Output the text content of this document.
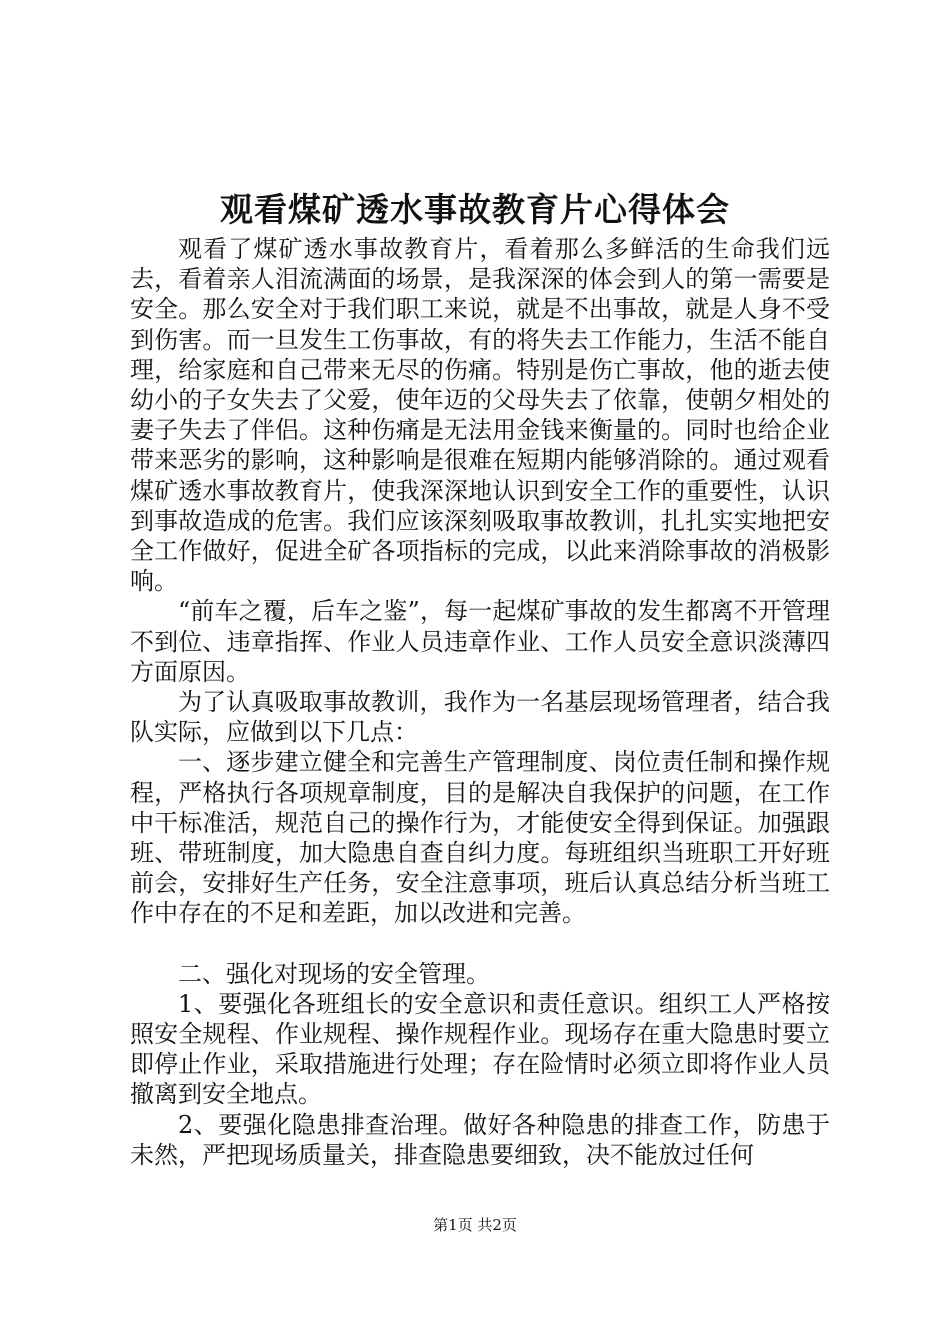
观看煤矿透水事故教育片心得体会

观看了煤矿透水事故教育片，看着那么多鲜活的生命我们远去，看着亲人泪流满面的场景，是我深深的体会到人的第一需要是安全。那么安全对于我们职工来说，就是不出事故，就是人身不受到伤害。而一旦发生工伤事故，有的将失去工作能力，生活不能自理，给家庭和自己带来无尽的伤痛。特别是伤亡事故，他的逝去使幼小的子女失去了父爱，使年迈的父母失去了依靠，使朝夕相处的妻子失去了伴侣。这种伤痛是无法用金钱来衡量的。同时也给企业带来恶劣的影响，这种影响是很难在短期内能够消除的。通过观看煤矿透水事故教育片，使我深深地认识到安全工作的重要性，认识到事故造成的危害。我们应该深刻吸取事故教训，扎扎实实地把安全工作做好，促进全矿各项指标的完成，以此来消除事故的消极影响。

“前车之覆，后车之鉴”，每一起煤矿事故的发生都离不开管理不到位、违章指挥、作业人员违章作业、工作人员安全意识淡薄四方面原因。

为了认真吸取事故教训，我作为一名基层现场管理者，结合我队实际，应做到以下几点：

一、逐步建立健全和完善生产管理制度、岗位责任制和操作规程，严格执行各项规章制度，目的是解决自我保护的问题，在工作中干标准活，规范自己的操作行为，才能使安全得到保证。加强跟班、带班制度，加大隐患自查自纠力度。每班组织当班职工开好班前会，安排好生产任务，安全注意事项，班后认真总结分析当班工作中存在的不足和差距，加以改进和完善。

二、强化对现场的安全管理。

1、要强化各班组长的安全意识和责任意识。组织工人严格按照安全规程、作业规程、操作规程作业。现场存在重大隐患时要立即停止作业，采取措施进行处理；存在险情时必须立即将作业人员撤离到安全地点。

2、要强化隐患排查治理。做好各种隐患的排查工作，防患于未然，严把现场质量关，排查隐患要细致，决不能放过任何

第1页 共2页
